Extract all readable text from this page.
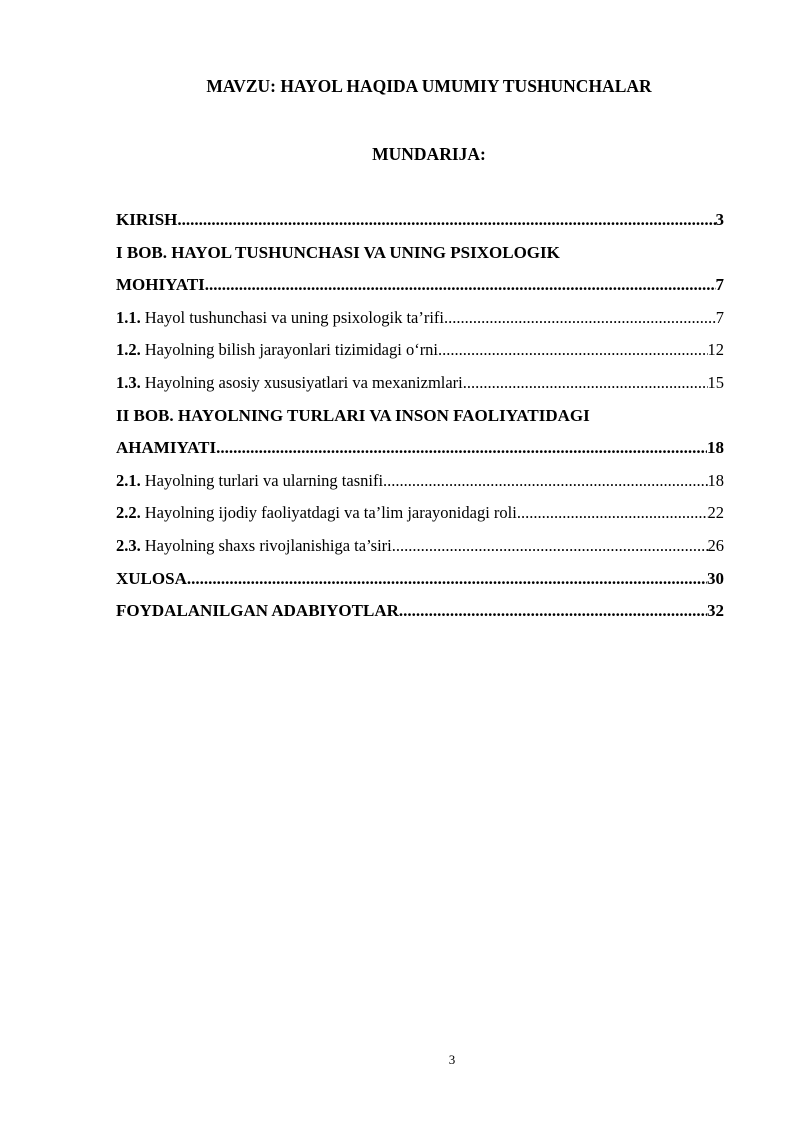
MAVZU: HAYOL HAQIDA UMUMIY TUSHUNCHALAR
MUNDARIJA:
KIRISH .....	3
I BOB. HAYOL TUSHUNCHASI VA UNING PSIXOLOGIK
MOHIYATI .....	7
1.1. Hayol tushunchasi va uning psixologik ta’rifi .....	7
1.2. Hayolning bilish jarayonlari tizimidagi o‘rni .....	12
1.3. Hayolning asosiy xususiyatlari va mexanizmlari .....	15
II BOB. HAYOLNING TURLARI VA INSON FAOLIYATIDAGI
AHAMIYATI .....	18
2.1. Hayolning turlari va ularning tasnifi .....	18
2.2. Hayolning ijodiy faoliyatdagi va ta’lim jarayonidagi roli .....	22
2.3. Hayolning shaxs rivojlanishiga ta’siri .....	26
XULOSA .....	30
FOYDALANILGAN ADABIYOTLAR .....	32
3
